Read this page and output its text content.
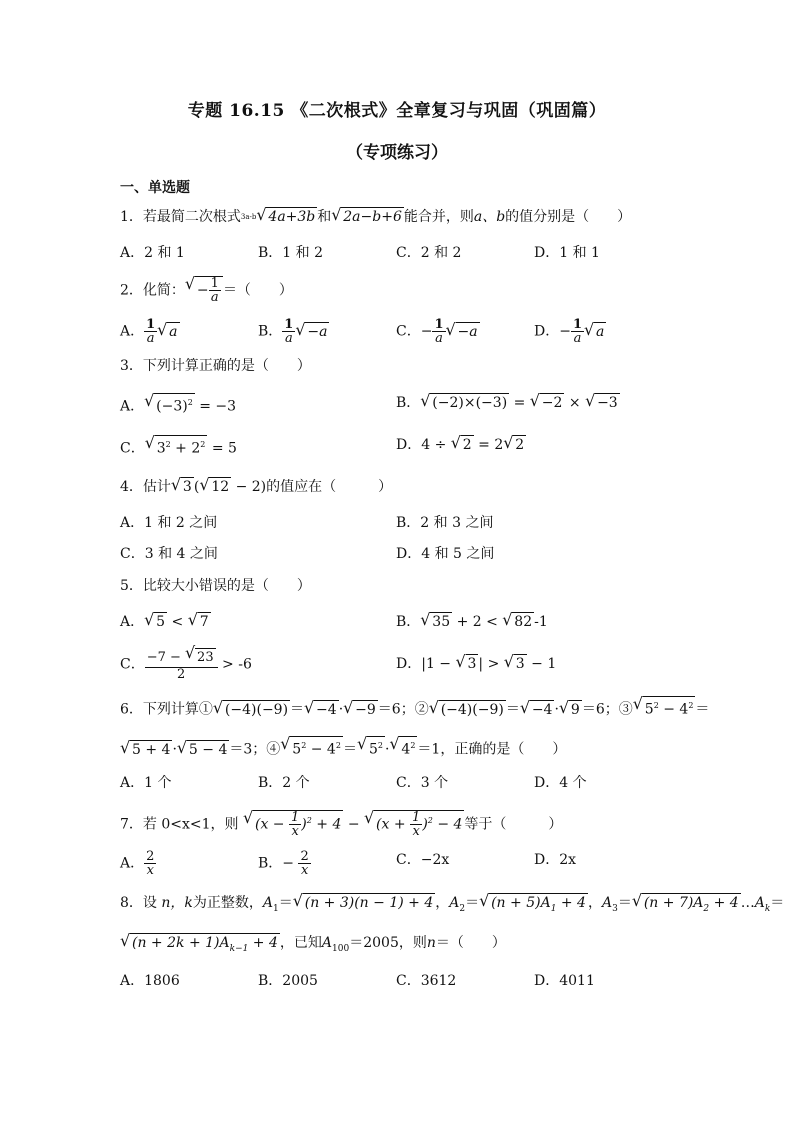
专题 16.15 《二次根式》全章复习与巩固（巩固篇）
（专项练习）
一、单选题
1．若最简二次根式$^{3a-b}$√ 4a+3b 和√ 2a−b+6 能合并，则a、b的值分别是（　　）
A．2 和 1	B．1 和 2	C．2 和 2	D．1 和 1
2．化简：√ − $\frac{1}{a}$ ＝（　　）
A． $\frac{1}{a}$
√ a	B． $\frac{1}{a}$
√ −a	C．− $\frac{1}{a}$
√ −a	D．− $\frac{1}{a}$
√ a
3．下列计算正确的是（　　）
A．√ $(-3)^2 = -3$	B．√ (−2)×(−3) = √ −2 × √ −3
C．√ $3^2 + 2^2 = 5$	D．4 ÷ √ 2 = 2√ 2
4．估计√ 3 (√ 12 − 2)的值应在（　　　）
A．1 和 2 之间	B．2 和 3 之间
C．3 和 4 之间	D．4 和 5 之间
5．比较大小错误的是（　　）
A．√ 5 < √ 7	B．√ 35 + 2 < √ 82 -1
C． $\frac{-7 - √ 23}{2} > -6$	D．|1 − √ 3 | > √ 3 − 1
6．下列计算①√ (−4)(−9) ＝√ −4 ·√ −9 ＝6；②√ (−4)(−9) ＝√ −4 ·√ 9 ＝6；③√ $5^2 - 4^2$ ＝
√ 5 + 4 ·√ 5 − 4 ＝3；④√ $5^2 - 4^2$ ＝√ $5^2$ ·√ $4^2 =1$，正确的是（　　）
A．1 个	B．2 个	C．3 个	D．4 个
7．若 0<x<1，则 √ $(x - \frac{1}{x} )^2 + 4$ − √ $(x + \frac{1}{x} )^2 - 4$ 等于（　　　）
A． $\frac{2}{x}$	B．− $\frac{2}{x}$	C．−2x	D．2x
8．设 n，k为正整数，$A_1=√$ (n + 3)(n − 1) + 4 ，$A_2=√$ $(n + 5)A_1 + 4$ ，$A_3=√$ $(n + 7)A_2 + 4$ $\dots A_k=$
√ $(n + 2k + 1)A_{k-1} + 4$ ，已知$A_{100}=2005$，则n＝（　　）
A．1806	B．2005	C．3612	D．4011
